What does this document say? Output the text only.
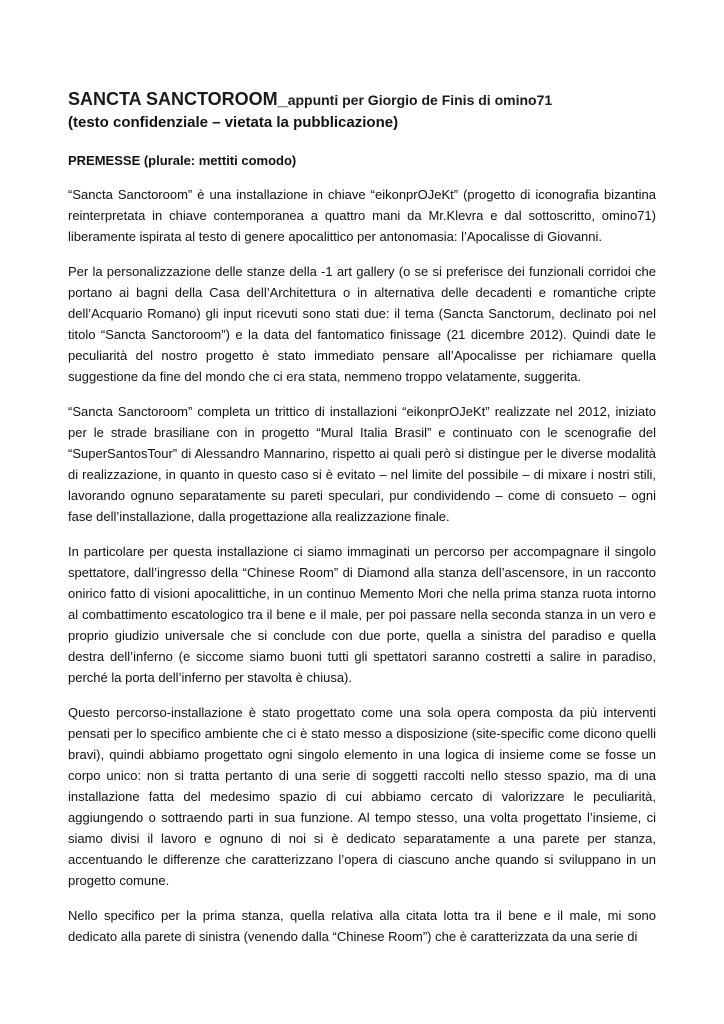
SANCTA SANCTOROOM_appunti per Giorgio de Finis di omino71

(testo confidenziale – vietata la pubblicazione)

PREMESSE (plurale: mettiti comodo)

“Sancta Sanctoroom” è una installazione in chiave “eikonprOJeKt” (progetto di iconografia bizantina reinterpretata in chiave contemporanea a quattro mani da Mr.Klevra e dal sottoscritto, omino71) liberamente ispirata al testo di genere apocalittico per antonomasia: l’Apocalisse di Giovanni.

Per la personalizzazione delle stanze della -1 art gallery (o se si preferisce dei funzionali corridoi che portano ai bagni della Casa dell’Architettura o in alternativa delle decadenti e romantiche cripte dell’Acquario Romano) gli input ricevuti sono stati due: il tema (Sancta Sanctorum, declinato poi nel titolo “Sancta Sanctoroom”) e la data del fantomatico finissage (21 dicembre 2012). Quindi date le peculiarità del nostro progetto è stato immediato pensare all’Apocalisse per richiamare quella suggestione da fine del mondo che ci era stata, nemmeno troppo velatamente, suggerita.

“Sancta Sanctoroom” completa un trittico di installazioni “eikonprOJeKt” realizzate nel 2012, iniziato per le strade brasiliane con in progetto “Mural Italia Brasil” e continuato con le scenografie del “SuperSantosTour” di Alessandro Mannarino, rispetto ai quali però si distingue per le diverse modalità di realizzazione, in quanto in questo caso si è evitato – nel limite del possibile – di mixare i nostri stili, lavorando ognuno separatamente su pareti speculari, pur condividendo – come di consueto – ogni fase dell’installazione, dalla progettazione alla realizzazione finale.

In particolare per questa installazione ci siamo immaginati un percorso per accompagnare il singolo spettatore, dall’ingresso della “Chinese Room” di Diamond alla stanza dell’ascensore, in un racconto onirico fatto di visioni apocalittiche, in un continuo Memento Mori che nella prima stanza ruota intorno al combattimento escatologico tra il bene e il male, per poi passare nella seconda stanza in un vero e proprio giudizio universale che si conclude con due porte, quella a sinistra del paradiso e quella destra dell’inferno (e siccome siamo buoni tutti gli spettatori saranno costretti a salire in paradiso, perché la porta dell’inferno per stavolta è chiusa).

Questo percorso-installazione è stato progettato come una sola opera composta da più interventi pensati per lo specifico ambiente che ci è stato messo a disposizione (site-specific come dicono quelli bravi), quindi abbiamo progettato ogni singolo elemento in una logica di insieme come se fosse un corpo unico: non si tratta pertanto di una serie di soggetti raccolti nello stesso spazio, ma di una installazione fatta del medesimo spazio di cui abbiamo cercato di valorizzare le peculiarità, aggiungendo o sottraendo parti in sua funzione. Al tempo stesso, una volta progettato l’insieme, ci siamo divisi il lavoro e ognuno di noi si è dedicato separatamente a una parete per stanza, accentuando le differenze che caratterizzano l’opera di ciascuno anche quando si sviluppano in un progetto comune.

Nello specifico per la prima stanza, quella relativa alla citata lotta tra il bene e il male, mi sono dedicato alla parete di sinistra (venendo dalla “Chinese Room”) che è caratterizzata da una serie di
